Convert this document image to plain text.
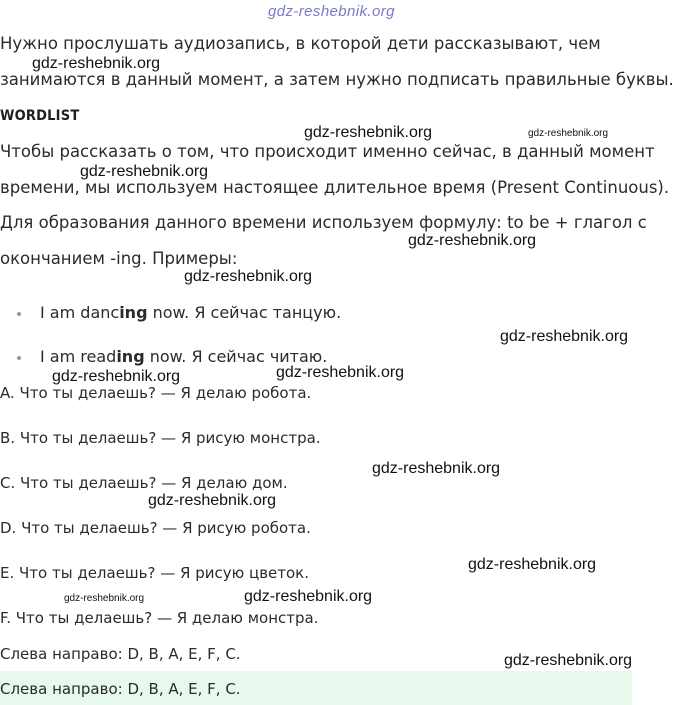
gdz-reshebnik.org
Нужно прослушать аудиозапись, в которой дети рассказывают, чем
занимаются в данный момент, а затем нужно подписать правильные буквы.
WORDLIST
Чтобы рассказать о том, что происходит именно сейчас, в данный момент
времени, мы используем настоящее длительное время (Present Continuous).
Для образования данного времени используем формулу: to be + глагол с
окончанием -ing. Примеры:
I am dancing now. Я сейчас танцую.
I am reading now. Я сейчас читаю.
A. Что ты делаешь? — Я делаю робота.
B. Что ты делаешь? — Я рисую монстра.
C. Что ты делаешь? — Я делаю дом.
D. Что ты делаешь? — Я рисую робота.
E. Что ты делаешь? — Я рисую цветок.
F. Что ты делаешь? — Я делаю монстра.
Слева направо: D, B, A, E, F, C.
Слева направо: D, B, A, E, F, C.
gdz-reshebnik.org
gdz-reshebnik.org	gdz-reshebnik.org
gdz-reshebnik.org
gdz-reshebnik.org
gdz-reshebnik.org
gdz-reshebnik.org
gdz-reshebnik.org	gdz-reshebnik.org
gdz-reshebnik.org
gdz-reshebnik.org
gdz-reshebnik.org
gdz-reshebnik.org	gdz-reshebnik.org
gdz-reshebnik.org
